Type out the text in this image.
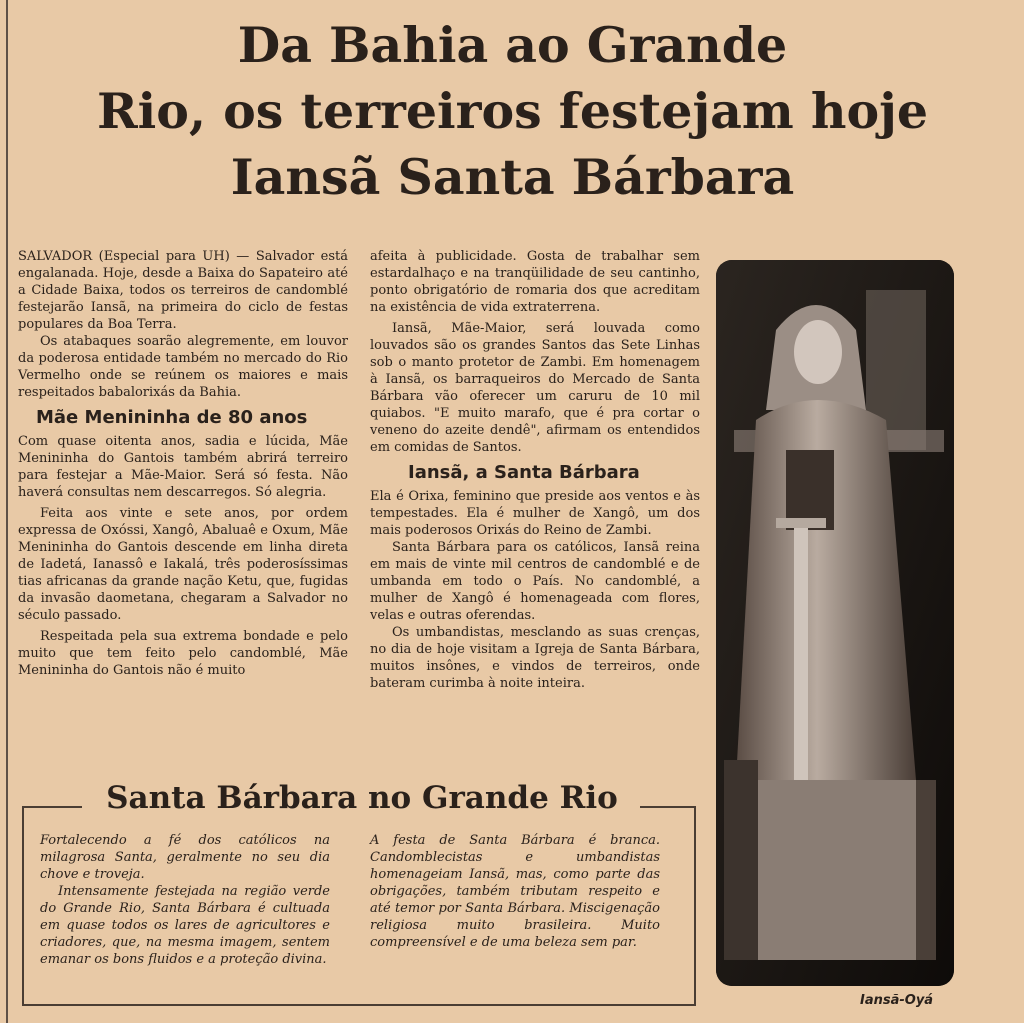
Da Bahia ao Grande
Rio, os terreiros festejam hoje
Iansã Santa Bárbara

SALVADOR (Especial para UH) — Salvador está engalanada. Hoje, desde a Baixa do Sapateiro até a Cidade Baixa, todos os terreiros de candomblé festejarão Iansã, na primeira do ciclo de festas populares da Boa Terra.

Os atabaques soarão alegremente, em louvor da poderosa entidade também no mercado do Rio Vermelho onde se reúnem os maiores e mais respeitados babalorixás da Bahia.

Mãe Menininha de 80 anos

Com quase oitenta anos, sadia e lúcida, Mãe Menininha do Gantois também abrirá terreiro para festejar a Mãe-Maior. Será só festa. Não haverá consultas nem descarregos. Só alegria.

Feita aos vinte e sete anos, por ordem expressa de Oxóssi, Xangô, Abaluaê e Oxum, Mãe Menininha do Gantois descende em linha direta de Iadetá, Ianassô e Iakalá, três poderosíssimas tias africanas da grande nação Ketu, que, fugidas da invasão daometana, chegaram a Salvador no século passado.

Respeitada pela sua extrema bondade e pelo muito que tem feito pelo candomblé, Mãe Menininha do Gantois não é muito

afeita à publicidade. Gosta de trabalhar sem estardalhaço e na tranqüilidade de seu cantinho, ponto obrigatório de romaria dos que acreditam na existência de vida extraterrena.

Iansã, Mãe-Maior, será louvada como louvados são os grandes Santos das Sete Linhas sob o manto protetor de Zambi. Em homenagem à Iansã, os barraqueiros do Mercado de Santa Bárbara vão oferecer um caruru de 10 mil quiabos. "E muito marafo, que é pra cortar o veneno do azeite dendê", afirmam os entendidos em comidas de Santos.

Iansã, a Santa Bárbara

Ela é Orixa, feminino que preside aos ventos e às tempestades. Ela é mulher de Xangô, um dos mais poderosos Orixás do Reino de Zambi.

Santa Bárbara para os católicos, Iansã reina em mais de vinte mil centros de candomblé e de umbanda em todo o País. No candomblé, a mulher de Xangô é homenageada com flores, velas e outras oferendas.

Os umbandistas, mesclando as suas crenças, no dia de hoje visitam a Igreja de Santa Bárbara, muitos insônes, e vindos de terreiros, onde bateram curimba à noite inteira.

Iansã-Oyá
Santa Bárbara no Grande Rio

Fortalecendo a fé dos católicos na milagrosa Santa, geralmente no seu dia chove e troveja.

Intensamente festejada na região verde do Grande Rio, Santa Bárbara é cultuada em quase todos os lares de agricultores e criadores, que, na mesma imagem, sentem emanar os bons fluidos e a proteção divina.

A festa de Santa Bárbara é branca. Candomblecistas e umbandistas homenageiam Iansã, mas, como parte das obrigações, também tributam respeito e até temor por Santa Bárbara. Miscigenação religiosa muito brasileira. Muito compreensível e de uma beleza sem par.
